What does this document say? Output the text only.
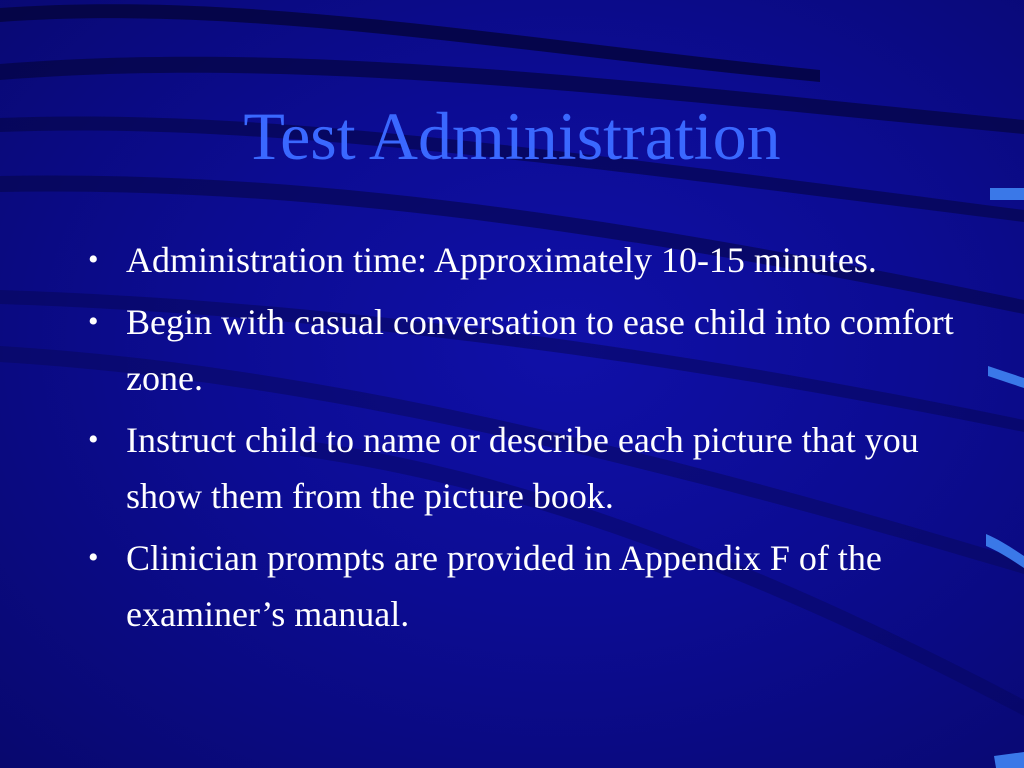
Test Administration
• Administration time: Approximately 10-15 minutes.
• Begin with casual conversation to ease child into comfort zone.
• Instruct child to name or describe each picture that you show them from the picture book.
• Clinician prompts are provided in Appendix F of the examiner’s manual.
